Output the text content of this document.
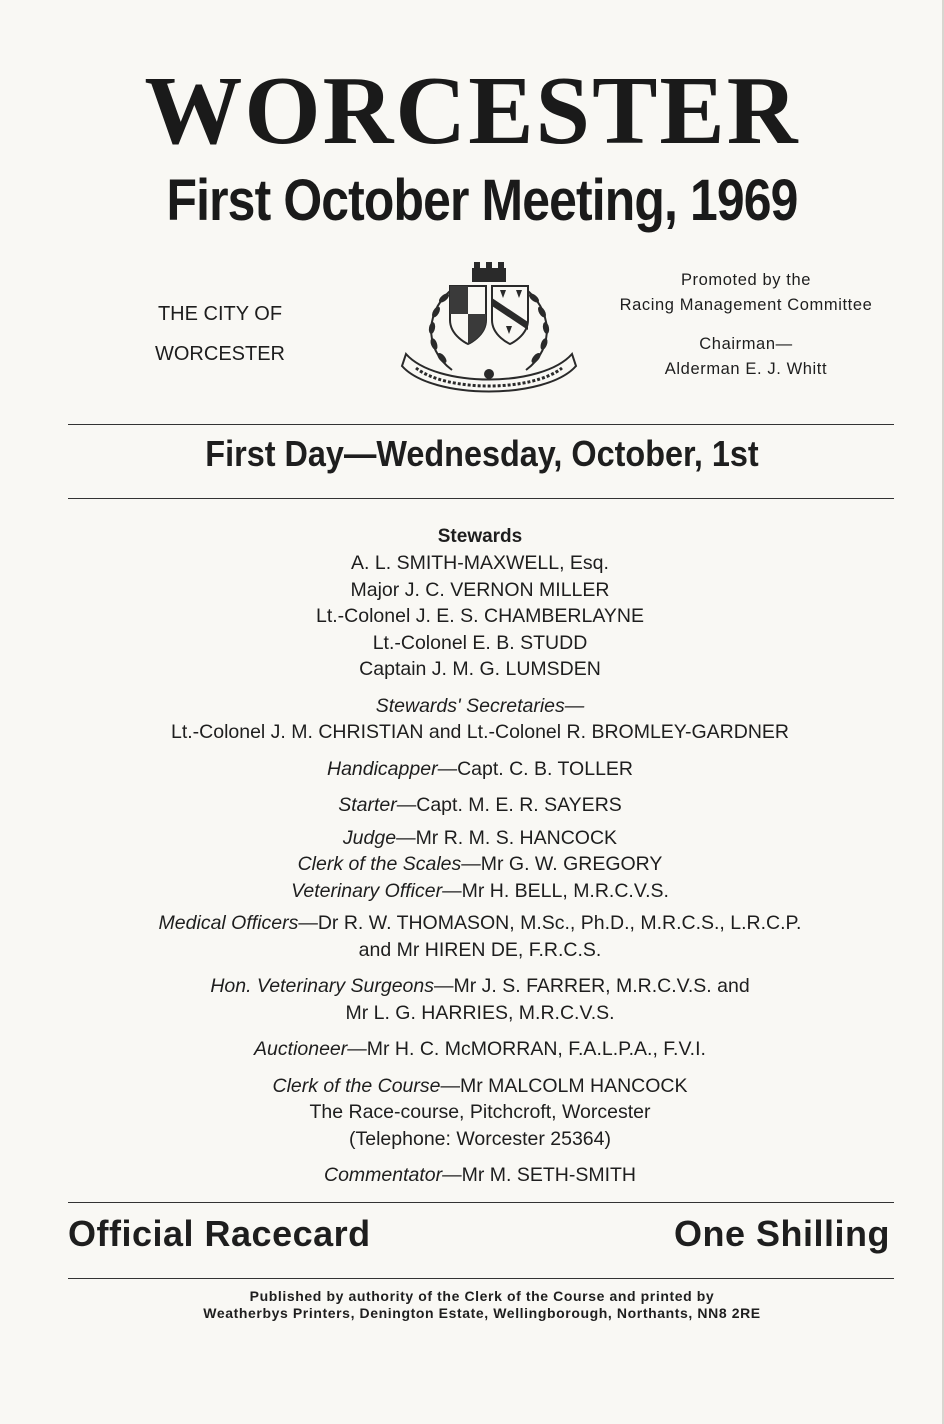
WORCESTER
First October Meeting, 1969
THE CITY OF
WORCESTER
Promoted by the
Racing Management Committee
Chairman—
Alderman E. J. Whitt
First Day—Wednesday, October, 1st
Stewards
A. L. SMITH-MAXWELL, Esq.
Major J. C. VERNON MILLER
Lt.-Colonel J. E. S. CHAMBERLAYNE
Lt.-Colonel E. B. STUDD
Captain J. M. G. LUMSDEN
Stewards' Secretaries—
Lt.-Colonel J. M. CHRISTIAN and Lt.-Colonel R. BROMLEY-GARDNER
Handicapper—Capt. C. B. TOLLER
Starter—Capt. M. E. R. SAYERS
Judge—Mr R. M. S. HANCOCK
Clerk of the Scales—Mr G. W. GREGORY
Veterinary Officer—Mr H. BELL, M.R.C.V.S.
Medical Officers—Dr R. W. THOMASON, M.Sc., Ph.D., M.R.C.S., L.R.C.P.
and Mr HIREN DE, F.R.C.S.
Hon. Veterinary Surgeons—Mr J. S. FARRER, M.R.C.V.S. and
Mr L. G. HARRIES, M.R.C.V.S.
Auctioneer—Mr H. C. McMORRAN, F.A.L.P.A., F.V.I.
Clerk of the Course—Mr MALCOLM HANCOCK
The Race-course, Pitchcroft, Worcester
(Telephone: Worcester 25364)
Commentator—Mr M. SETH-SMITH
Official Racecard	One Shilling
Published by authority of the Clerk of the Course and printed by
Weatherbys Printers, Denington Estate, Wellingborough, Northants, NN8 2RE
